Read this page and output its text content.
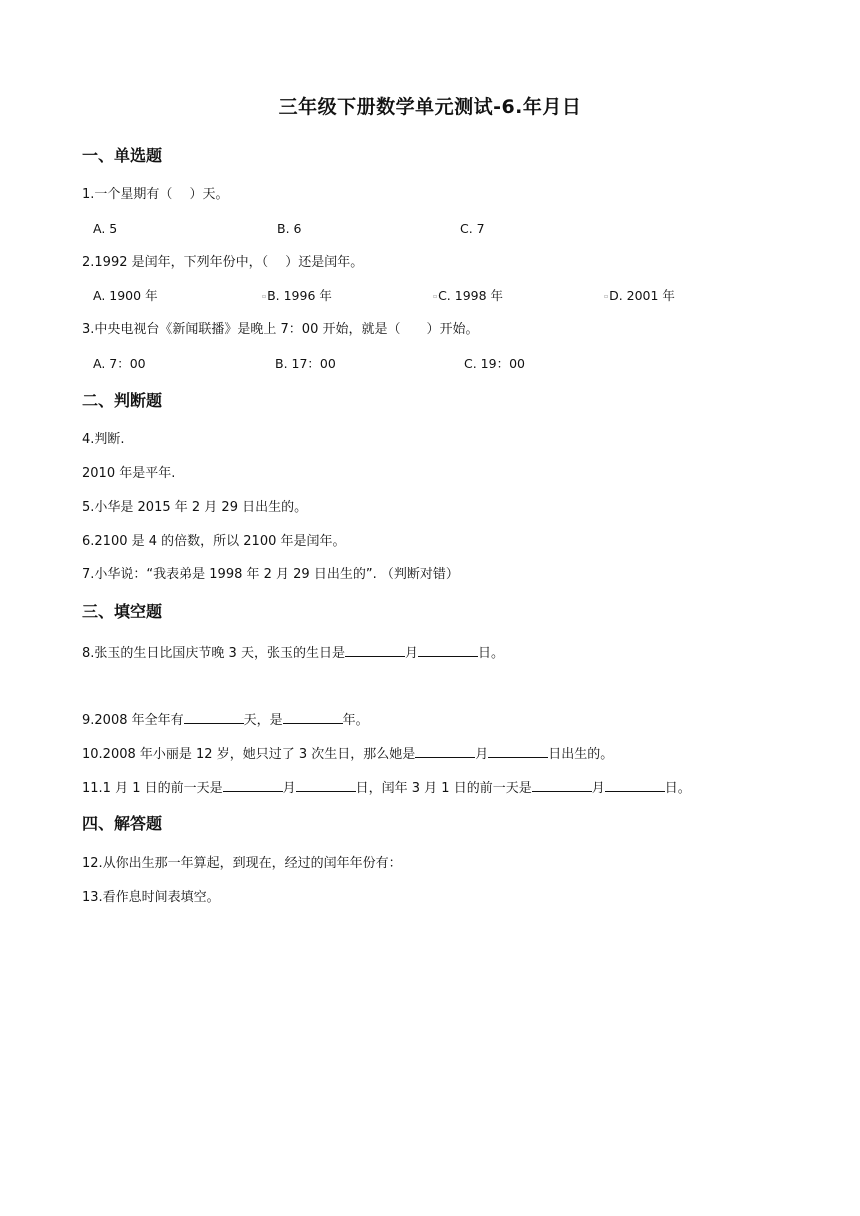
三年级下册数学单元测试-6.年月日
一、单选题
1.一个星期有（　 ）天。
A. 5	B. 6	C. 7
2.1992 是闰年，下列年份中，（　 ）还是闰年。
A. 1900 年	▫B. 1996 年	▫C. 1998 年	▫D. 2001 年
3.中央电视台《新闻联播》是晚上 7：00 开始，就是（　　）开始。
A. 7：00	B. 17：00	C. 19：00
二、判断题
4.判断.
2010 年是平年.
5.小华是 2015 年 2 月 29 日出生的。
6.2100 是 4 的倍数，所以 2100 年是闰年。
7.小华说：“我表弟是 1998 年 2 月 29 日出生的”. （判断对错）
三、填空题
8.张玉的生日比国庆节晚 3 天，张玉的生日是	月	日。
9.2008 年全年有	天，是	年。
10.2008 年小丽是 12 岁，她只过了 3 次生日，那么她是	月	日出生的。
11.1 月 1 日的前一天是	月	日，闰年 3 月 1 日的前一天是	月	日。
四、解答题
12.从你出生那一年算起，到现在，经过的闰年年份有：
13.看作息时间表填空。
